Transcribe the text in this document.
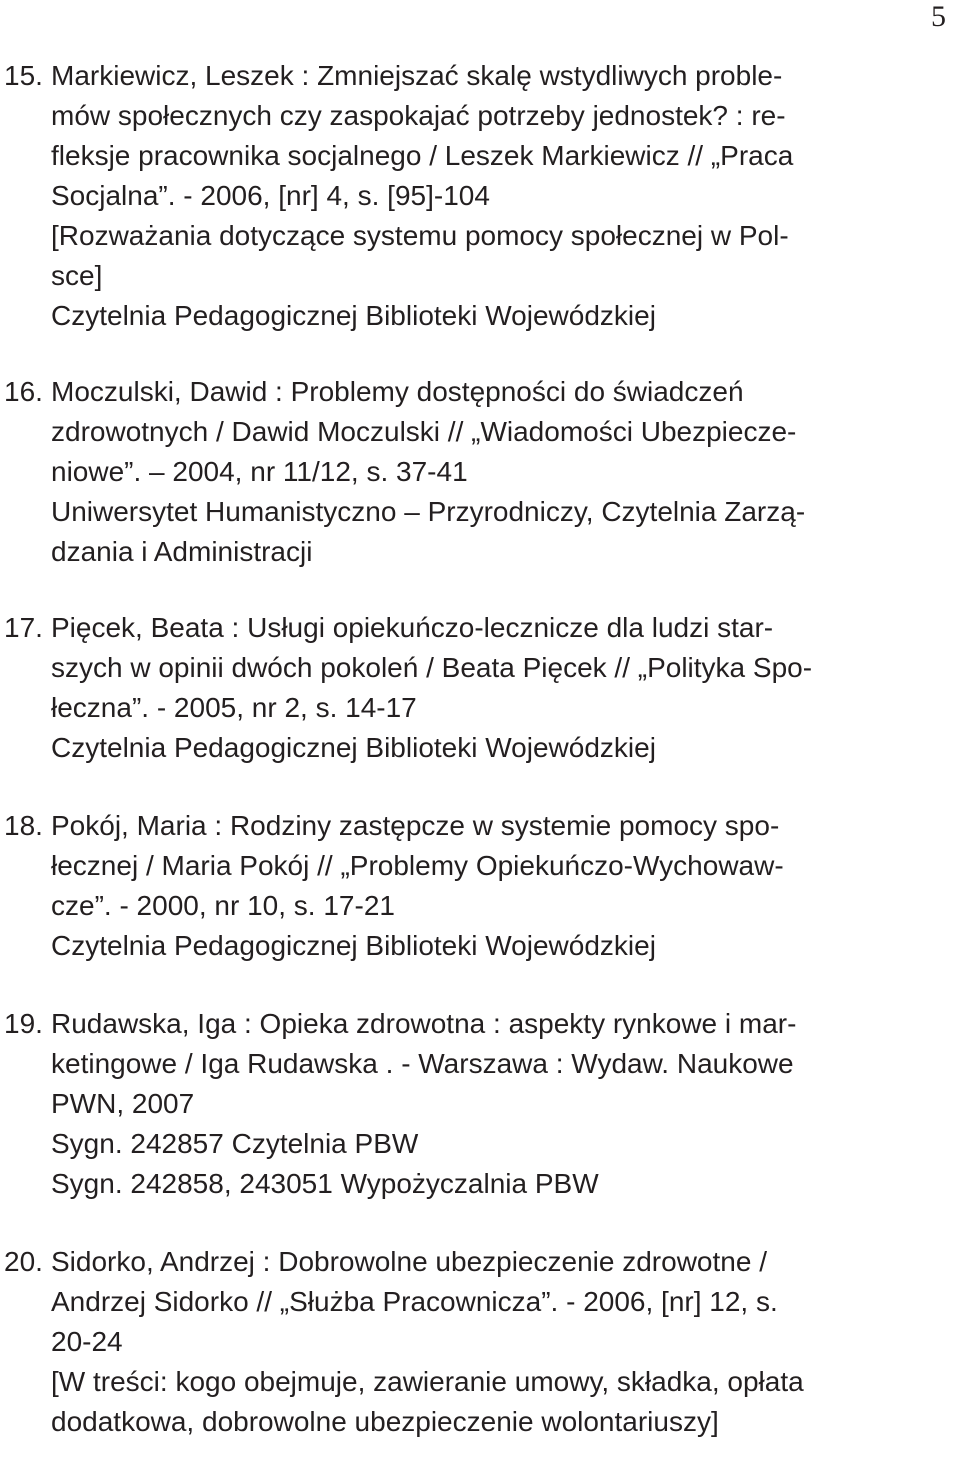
5
15. Markiewicz, Leszek : Zmniejszać skalę wstydliwych proble-
mów społecznych czy zaspokajać potrzeby jednostek? : re-
fleksje pracownika socjalnego / Leszek Markiewicz // „Praca
Socjalna”. - 2006, [nr] 4, s. [95]-104
[Rozważania dotyczące systemu pomocy społecznej w Pol-
sce]
Czytelnia Pedagogicznej Biblioteki Wojewódzkiej
16. Moczulski, Dawid : Problemy dostępności do świadczeń
zdrowotnych / Dawid Moczulski // „Wiadomości Ubezpiecze-
niowe”. – 2004, nr 11/12, s. 37-41
Uniwersytet Humanistyczno – Przyrodniczy, Czytelnia Zarzą-
dzania i Administracji
17. Pięcek, Beata : Usługi opiekuńczo-lecznicze dla ludzi star-
szych w opinii dwóch pokoleń / Beata Pięcek // „Polityka Spo-
łeczna”. - 2005, nr 2, s. 14-17
Czytelnia Pedagogicznej Biblioteki Wojewódzkiej
18. Pokój, Maria : Rodziny zastępcze w systemie pomocy spo-
łecznej / Maria Pokój // „Problemy Opiekuńczo-Wychowaw-
cze”. - 2000, nr 10, s. 17-21
Czytelnia Pedagogicznej Biblioteki Wojewódzkiej
19. Rudawska, Iga : Opieka zdrowotna : aspekty rynkowe i mar-
ketingowe / Iga Rudawska . - Warszawa : Wydaw. Naukowe
PWN, 2007
Sygn. 242857 Czytelnia PBW
Sygn. 242858, 243051 Wypożyczalnia PBW
20. Sidorko, Andrzej : Dobrowolne ubezpieczenie zdrowotne /
Andrzej Sidorko // „Służba Pracownicza”. - 2006, [nr] 12, s.
20-24
[W treści: kogo obejmuje, zawieranie umowy, składka, opłata
dodatkowa, dobrowolne ubezpieczenie wolontariuszy]
